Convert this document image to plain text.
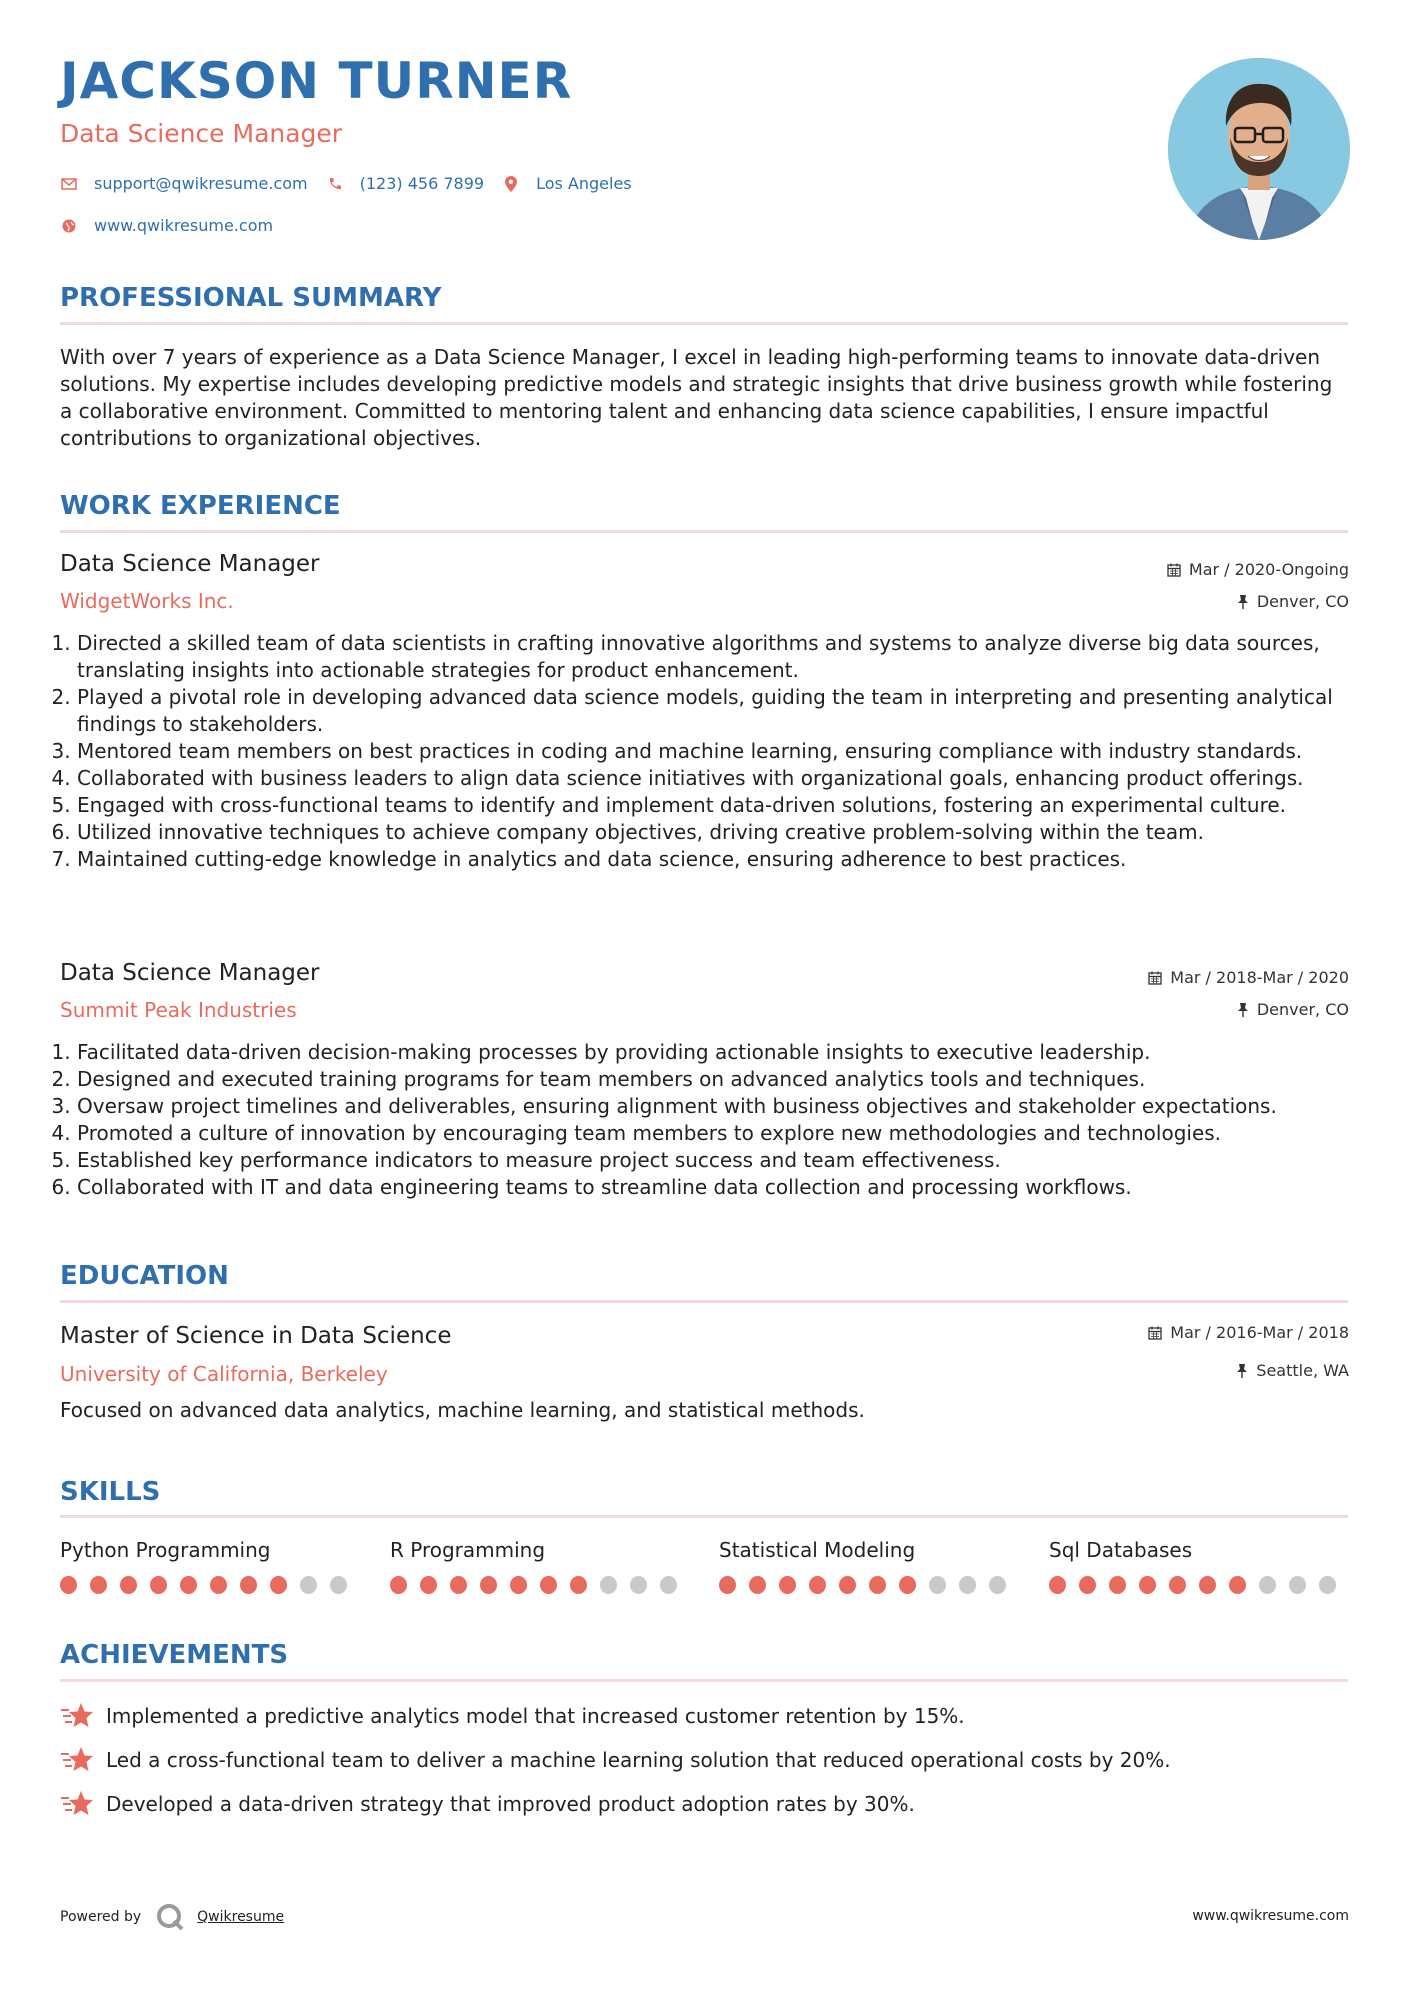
JACKSON TURNER
Data Science Manager
support@qwikresume.com	(123) 456 7899	Los Angeles
www.qwikresume.com
PROFESSIONAL SUMMARY
With over 7 years of experience as a Data Science Manager, I excel in leading high-performing teams to innovate data-driven solutions. My expertise includes developing predictive models and strategic insights that drive business growth while fostering a collaborative environment. Committed to mentoring talent and enhancing data science capabilities, I ensure impactful contributions to organizational objectives.
WORK EXPERIENCE
Data Science Manager
WidgetWorks Inc.
Mar / 2020-Ongoing
Denver, CO
1. Directed a skilled team of data scientists in crafting innovative algorithms and systems to analyze diverse big data sources, translating insights into actionable strategies for product enhancement.
2. Played a pivotal role in developing advanced data science models, guiding the team in interpreting and presenting analytical findings to stakeholders.
3. Mentored team members on best practices in coding and machine learning, ensuring compliance with industry standards.
4. Collaborated with business leaders to align data science initiatives with organizational goals, enhancing product offerings.
5. Engaged with cross-functional teams to identify and implement data-driven solutions, fostering an experimental culture.
6. Utilized innovative techniques to achieve company objectives, driving creative problem-solving within the team.
7. Maintained cutting-edge knowledge in analytics and data science, ensuring adherence to best practices.
Data Science Manager
Summit Peak Industries
Mar / 2018-Mar / 2020
Denver, CO
1. Facilitated data-driven decision-making processes by providing actionable insights to executive leadership.
2. Designed and executed training programs for team members on advanced analytics tools and techniques.
3. Oversaw project timelines and deliverables, ensuring alignment with business objectives and stakeholder expectations.
4. Promoted a culture of innovation by encouraging team members to explore new methodologies and technologies.
5. Established key performance indicators to measure project success and team effectiveness.
6. Collaborated with IT and data engineering teams to streamline data collection and processing workflows.
EDUCATION
Master of Science in Data Science
University of California, Berkeley
Mar / 2016-Mar / 2018
Seattle, WA
Focused on advanced data analytics, machine learning, and statistical methods.
SKILLS
Python Programming	R Programming	Statistical Modeling	Sql Databases
ACHIEVEMENTS
Implemented a predictive analytics model that increased customer retention by 15%.
Led a cross-functional team to deliver a machine learning solution that reduced operational costs by 20%.
Developed a data-driven strategy that improved product adoption rates by 30%.
Powered by	Qwikresume	www.qwikresume.com
